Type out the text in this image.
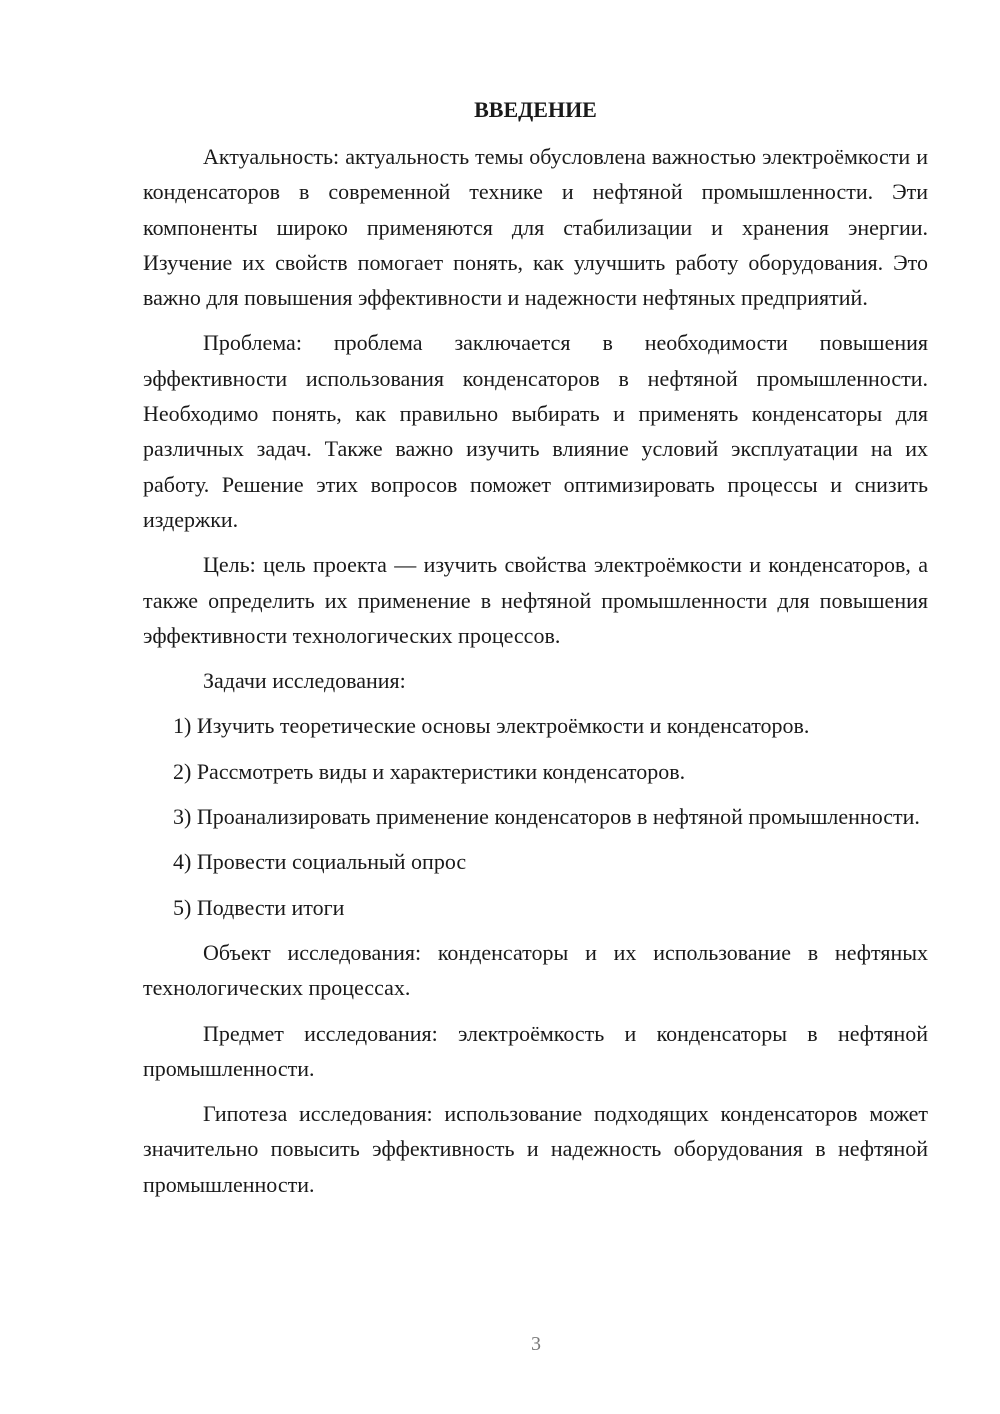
ВВЕДЕНИЕ

Актуальность: актуальность темы обусловлена важностью электроёмкости и конденсаторов в современной технике и нефтяной промышленности. Эти компоненты широко применяются для стабилизации и хранения энергии. Изучение их свойств помогает понять, как улучшить работу оборудования. Это важно для повышения эффективности и надежности нефтяных предприятий.

Проблема: проблема заключается в необходимости повышения эффективности использования конденсаторов в нефтяной промышленности. Необходимо понять, как правильно выбирать и применять конденсаторы для различных задач. Также важно изучить влияние условий эксплуатации на их работу. Решение этих вопросов поможет оптимизировать процессы и снизить издержки.

Цель: цель проекта — изучить свойства электроёмкости и конденсаторов, а также определить их применение в нефтяной промышленности для повышения эффективности технологических процессов.

Задачи исследования:

1) Изучить теоретические основы электроёмкости и конденсаторов.

2) Рассмотреть виды и характеристики конденсаторов.

3) Проанализировать применение конденсаторов в нефтяной промышленности.

4) Провести социальный опрос

5) Подвести итоги

Объект исследования: конденсаторы и их использование в нефтяных технологических процессах.

Предмет исследования: электроёмкость и конденсаторы в нефтяной промышленности.

Гипотеза исследования: использование подходящих конденсаторов может значительно повысить эффективность и надежность оборудования в нефтяной промышленности.

3
